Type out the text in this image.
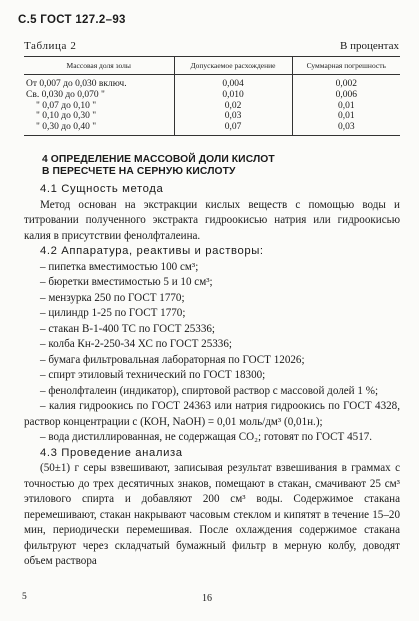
С.5 ГОСТ 127.2–93
Таблица 2	В процентах
Массовая доля золы	Допускаемое расхождение	Суммарная погрешность
От 0,007 до 0,030 включ.	0,004	0,002
Св. 0,030 до 0,070 "	0,010	0,006
" 0,07 до 0,10 "	0,02	0,01
" 0,10 до 0,30 "	0,03	0,01
" 0,30 до 0,40 "	0,07	0,03
4 ОПРЕДЕЛЕНИЕ МАССОВОЙ ДОЛИ КИСЛОТ
В ПЕРЕСЧЕТЕ НА СЕРНУЮ КИСЛОТУ
4.1 Сущность метода

Метод основан на экстракции кислых веществ с помощью воды и титровании полученного экстракта гидроокисью натрия или гидроокисью калия в присутствии фенолфталеина.

4.2 Аппаратура, реактивы и растворы:

– пипетка вместимостью 100 см³;

– бюретки вместимостью 5 и 10 см³;

– мензурка 250 по ГОСТ 1770;

– цилиндр 1-25 по ГОСТ 1770;

– стакан В-1-400 ТС по ГОСТ 25336;

– колба Кн-2-250-34 ХС по ГОСТ 25336;

– бумага фильтровальная лабораторная по ГОСТ 12026;

– спирт этиловый технический по ГОСТ 18300;

– фенолфталеин (индикатор), спиртовой раствор с массовой долей 1 %;

– калия гидроокись по ГОСТ 24363 или натрия гидроокись по ГОСТ 4328, раствор концентрации c (КОН, NaOH) = 0,01 моль/дм³ (0,01н.);

– вода дистиллированная, не содержащая CO₂; готовят по ГОСТ 4517.

4.3 Проведение анализа

(50±1) г серы взвешивают, записывая результат взвешивания в граммах с точностью до трех десятичных знаков, помещают в стакан, смачивают 25 см³ этилового спирта и добавляют 200 см³ воды. Содержимое стакана перемешивают, стакан накрывают часовым стеклом и кипятят в течение 15–20 мин, периодически перемешивая. После охлаждения содержимое стакана фильтруют через складчатый бумажный фильтр в мерную колбу, доводят объем раствора

5	16
